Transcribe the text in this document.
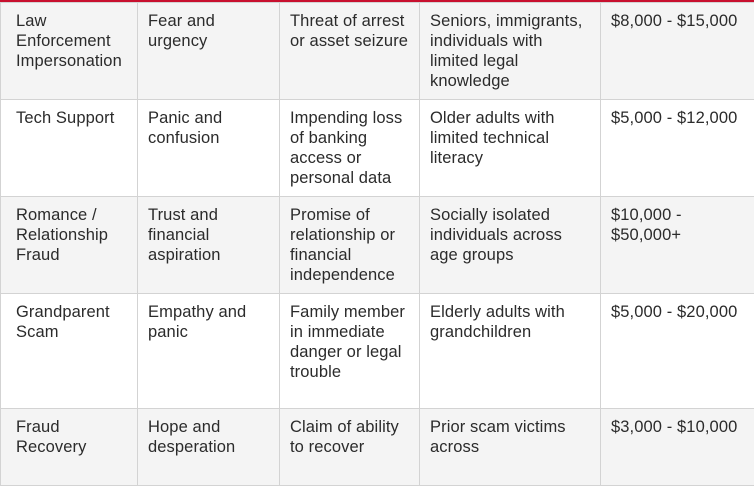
Law Enforcement Impersonation	Fear and urgency	Threat of arrest or asset seizure	Seniors, immigrants, individuals with limited legal knowledge	$8,000 - $15,000
Tech Support	Panic and confusion	Impending loss of banking access or personal data	Older adults with limited technical literacy	$5,000 - $12,000
Romance / Relationship Fraud	Trust and financial aspiration	Promise of relationship or financial independence	Socially isolated individuals across age groups	$10,000 - $50,000+
Grandparent Scam	Empathy and panic	Family member in immediate danger or legal trouble	Elderly adults with grandchildren	$5,000 - $20,000
Fraud Recovery	Hope and desperation	Claim of ability to recover	Prior scam victims across	$3,000 - $10,000
